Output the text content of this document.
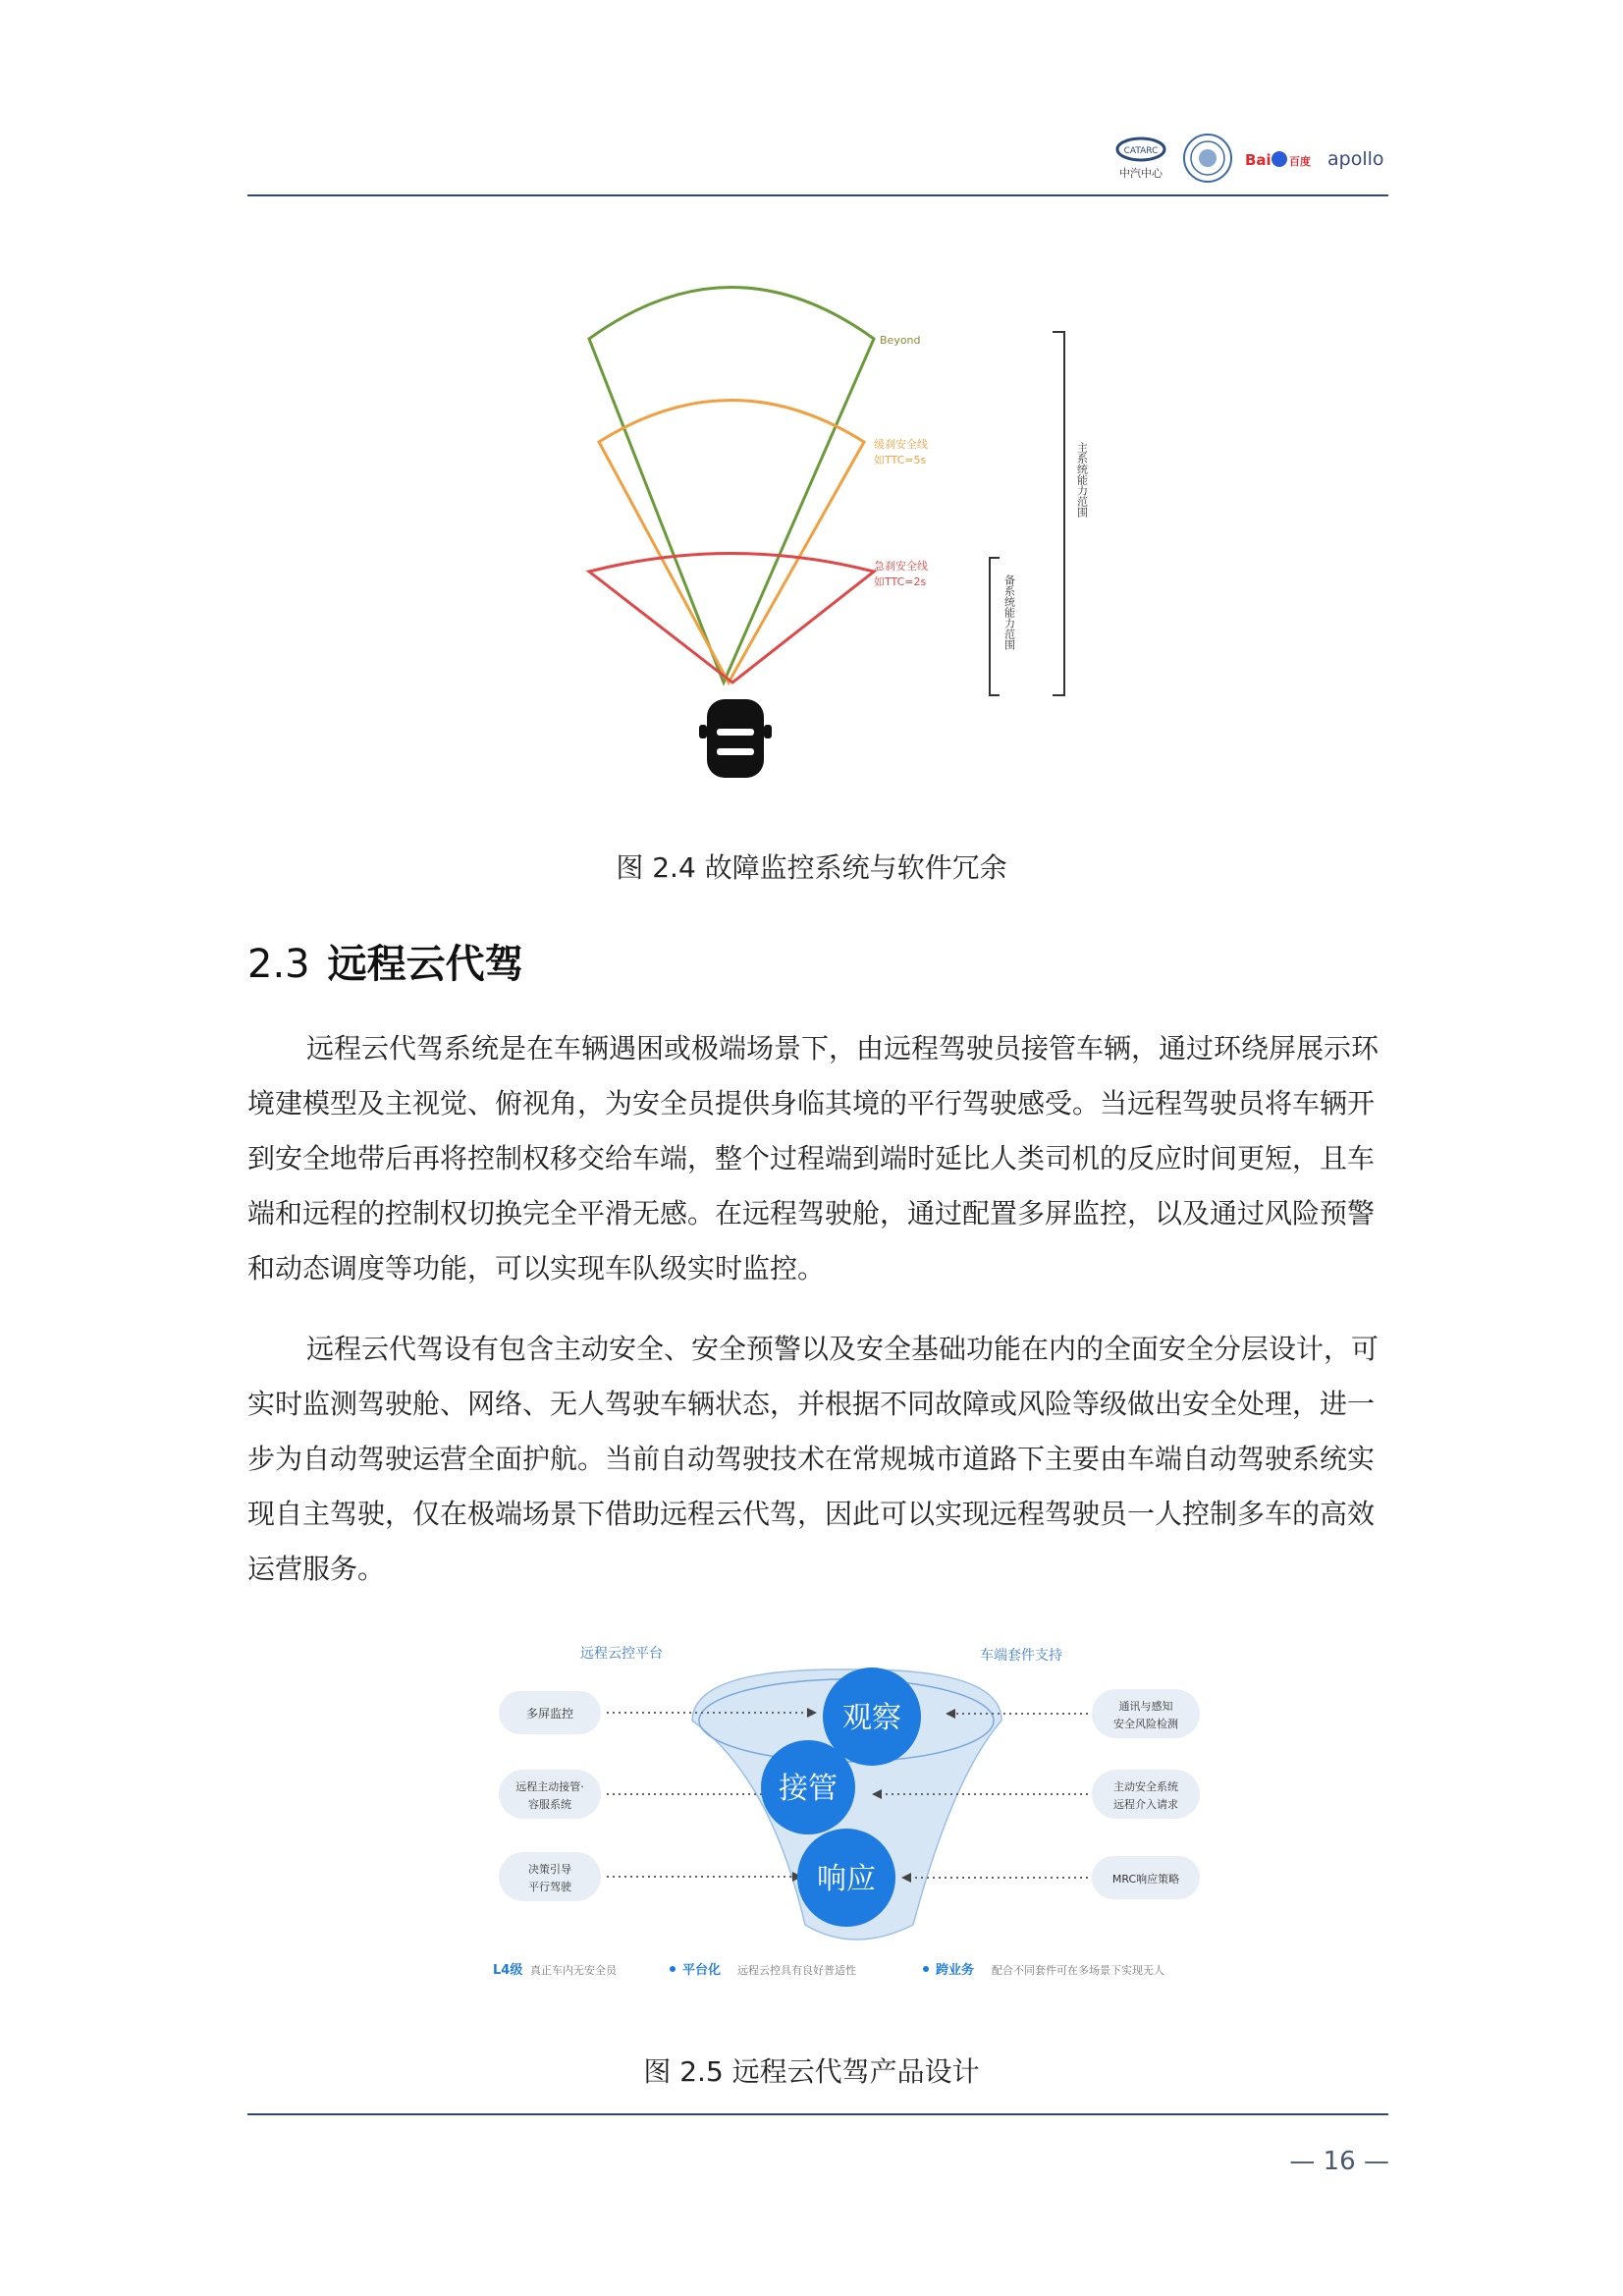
CATARC
中汽中心
Bai 百度 apollo
Beyond
缓刹安全线
如TTC=5s
急刹安全线
如TTC=2s
主系统能力范围
备系统能力范围
图 2.4 故障监控系统与软件冗余
2.3 远程云代驾
远程云代驾系统是在车辆遇困或极端场景下，由远程驾驶员接管车辆，通过环绕屏展示环境建模型及主视觉、俯视角，为安全员提供身临其境的平行驾驶感受。当远程驾驶员将车辆开到安全地带后再将控制权移交给车端，整个过程端到端时延比人类司机的反应时间更短，且车端和远程的控制权切换完全平滑无感。在远程驾驶舱，通过配置多屏监控，以及通过风险预警和动态调度等功能，可以实现车队级实时监控。
远程云代驾设有包含主动安全、安全预警以及安全基础功能在内的全面安全分层设计，可实时监测驾驶舱、网络、无人驾驶车辆状态，并根据不同故障或风险等级做出安全处理，进一步为自动驾驶运营全面护航。当前自动驾驶技术在常规城市道路下主要由车端自动驾驶系统实现自主驾驶，仅在极端场景下借助远程云代驾，因此可以实现远程驾驶员一人控制多车的高效运营服务。
远程云控平台	车端套件支持
多屏监控
远程主动接管·
容服系统
决策引导
平行驾驶
通讯与感知
安全风险检测
主动安全系统
远程介入请求
MRC响应策略
观察
接管
响应
L4级 真正车内无安全员	平台化 远程云控具有良好普适性	跨业务 配合不同套件可在多场景下实现无人
图 2.5 远程云代驾产品设计
— 16 —
